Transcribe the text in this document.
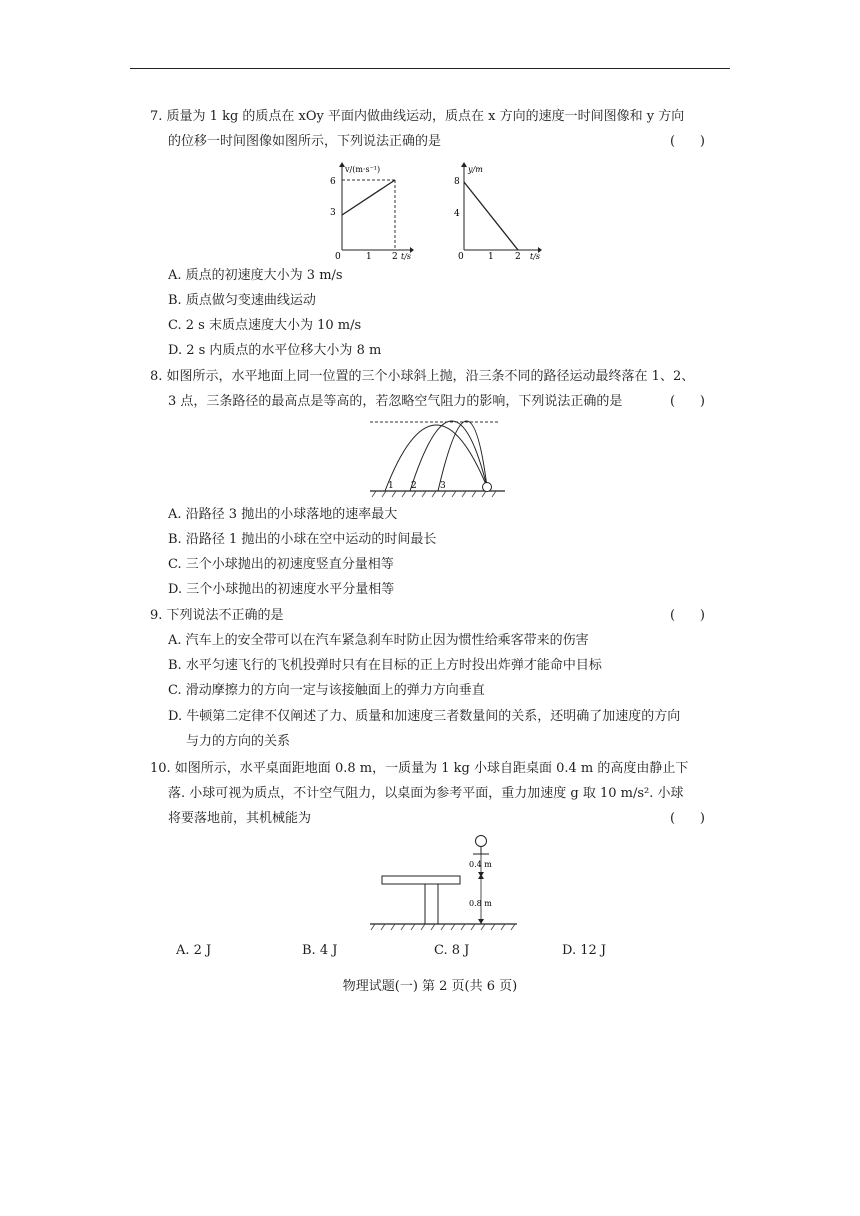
7. 质量为 1 kg 的质点在 xOy 平面内做曲线运动，质点在 x 方向的速度一时间图像和 y 方向
的位移一时间图像如图所示，下列说法正确的是	(      )
6
3
0	1 2
v/(m·s⁻¹)
t/s
8
4
0	1 2
y/m
t/s
A. 质点的初速度大小为 3 m/s
B. 质点做匀变速曲线运动
C. 2 s 末质点速度大小为 10 m/s
D. 2 s 内质点的水平位移大小为 8 m
8. 如图所示，水平地面上同一位置的三个小球斜上抛，沿三条不同的路径运动最终落在 1、2、
3 点，三条路径的最高点是等高的，若忽略空气阻力的影响，下列说法正确的是	(      )
1 2	3
A. 沿路径 3 抛出的小球落地的速率最大
B. 沿路径 1 抛出的小球在空中运动的时间最长
C. 三个小球抛出的初速度竖直分量相等
D. 三个小球抛出的初速度水平分量相等
9. 下列说法不正确的是	(      )
A. 汽车上的安全带可以在汽车紧急刹车时防止因为惯性给乘客带来的伤害
B. 水平匀速飞行的飞机投弹时只有在目标的正上方时投出炸弹才能命中目标
C. 滑动摩擦力的方向一定与该接触面上的弹力方向垂直
D. 牛顿第二定律不仅阐述了力、质量和加速度三者数量间的关系，还明确了加速度的方向
与力的方向的关系
10. 如图所示，水平桌面距地面 0.8 m，一质量为 1 kg 小球自距桌面 0.4 m 的高度由静止下
落. 小球可视为质点，不计空气阻力，以桌面为参考平面，重力加速度 g 取 10 m/s². 小球
将要落地前，其机械能为	(      )
0.4 m
0.8 m
A. 2 J	B. 4 J	C. 8 J	D. 12 J
物理试题(一) 第 2 页(共 6 页)
